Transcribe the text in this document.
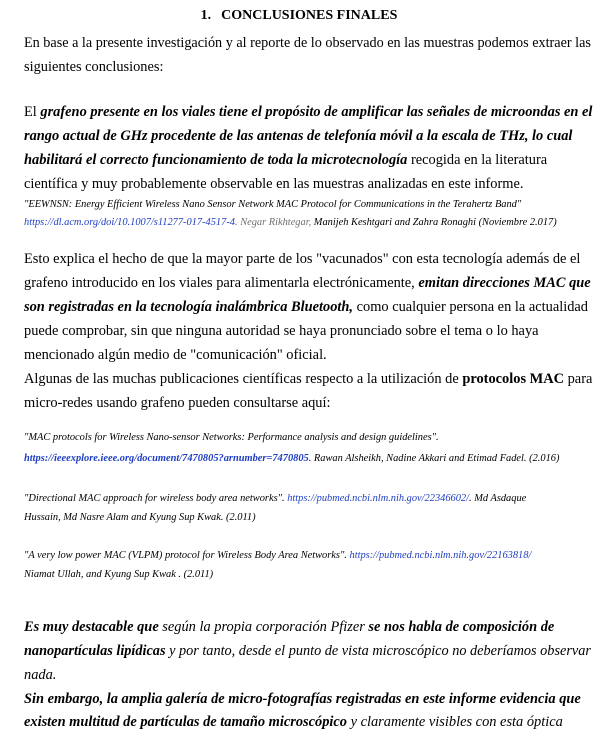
1. CONCLUSIONES FINALES
En base a la presente investigación y al reporte de lo observado en las muestras podemos extraer las
siguientes conclusiones:
El grafeno presente en los viales tiene el propósito de amplificar las señales de microondas en el
rango actual de GHz procedente de las antenas de telefonía móvil a la escala de THz, lo cual
habilitará el correcto funcionamiento de toda la microtecnología recogida en la literatura
científica y muy probablemente observable en las muestras analizadas en este informe.
"EEWNSN: Energy Efficient Wireless Nano Sensor Network MAC Protocol for Communications in the Terahertz Band"
https://dl.acm.org/doi/10.1007/s11277-017-4517-4. Negar Rikhtegar, Manijeh Keshtgari and Zahra Ronaghi (Noviembre 2.017)
Esto explica el hecho de que la mayor parte de los "vacunados" con esta tecnología además de el
grafeno introducido en los viales para alimentarla electrónicamente, emitan direcciones MAC que
son registradas en la tecnología inalámbrica Bluetooth, como cualquier persona en la actualidad
puede comprobar, sin que ninguna autoridad se haya pronunciado sobre el tema o lo haya
mencionado algún medio de "comunicación" oficial.
Algunas de las muchas publicaciones científicas respecto a la utilización de protocolos MAC para
micro-redes usando grafeno pueden consultarse aquí:
"MAC protocols for Wireless Nano-sensor Networks: Performance analysis and design guidelines".
https://ieeexplore.ieee.org/document/7470805?arnumber=7470805. Rawan Alsheikh, Nadine Akkari and Etimad Fadel. (2.016)
"Directional MAC approach for wireless body area networks". https://pubmed.ncbi.nlm.nih.gov/22346602/. Md Asdaque
Hussain, Md Nasre Alam and Kyung Sup Kwak. (2.011)
"A very low power MAC (VLPM) protocol for Wireless Body Area Networks". https://pubmed.ncbi.nlm.nih.gov/22163818/
Niamat Ullah, and Kyung Sup Kwak . (2.011)
Es muy destacable que según la propia corporación Pfizer se nos habla de composición de
nanopartículas lipídicas y por tanto, desde el punto de vista microscópico no deberíamos observar
nada.
Sin embargo, la amplia galería de micro-fotografías registradas en este informe evidencia que
existen multitud de partículas de tamaño microscópico y claramente visibles con esta óptica
